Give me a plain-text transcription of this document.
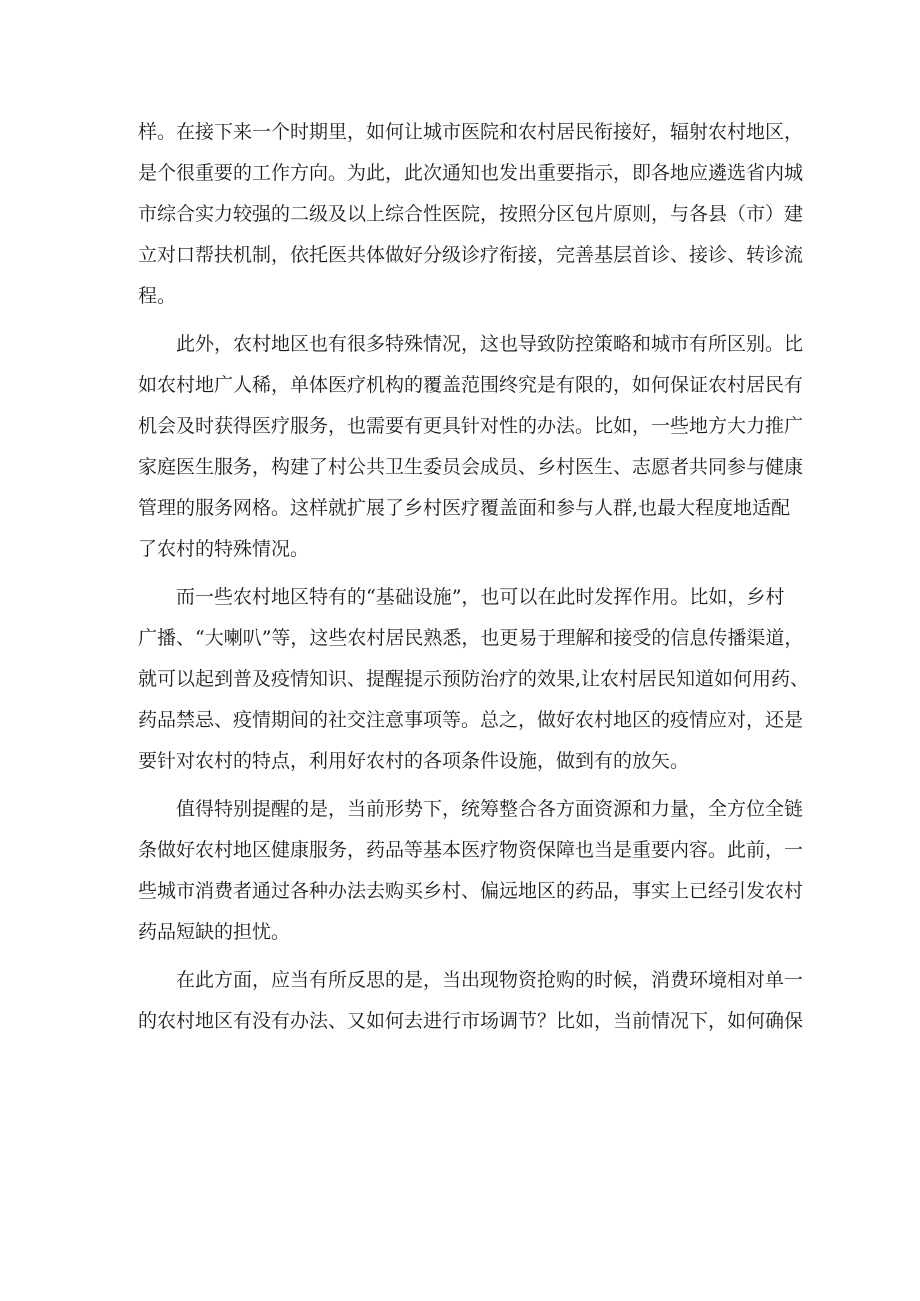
样。在接下来一个时期里，如何让城市医院和农村居民衔接好，辐射农村地区，

是个很重要的工作方向。为此，此次通知也发出重要指示，即各地应遴选省内城

市综合实力较强的二级及以上综合性医院，按照分区包片原则，与各县（市）建

立对口帮扶机制，依托医共体做好分级诊疗衔接，完善基层首诊、接诊、转诊流

程。

此外，农村地区也有很多特殊情况，这也导致防控策略和城市有所区别。比

如农村地广人稀，单体医疗机构的覆盖范围终究是有限的，如何保证农村居民有

机会及时获得医疗服务，也需要有更具针对性的办法。比如，一些地方大力推广

家庭医生服务，构建了村公共卫生委员会成员、乡村医生、志愿者共同参与健康

管理的服务网格。这样就扩展了乡村医疗覆盖面和参与人群,也最大程度地适配

了农村的特殊情况。

而一些农村地区特有的“基础设施”，也可以在此时发挥作用。比如，乡村

广播、“大喇叭”等，这些农村居民熟悉，也更易于理解和接受的信息传播渠道，

就可以起到普及疫情知识、提醒提示预防治疗的效果,让农村居民知道如何用药、

药品禁忌、疫情期间的社交注意事项等。总之，做好农村地区的疫情应对，还是

要针对农村的特点，利用好农村的各项条件设施，做到有的放矢。

值得特别提醒的是，当前形势下，统筹整合各方面资源和力量，全方位全链

条做好农村地区健康服务，药品等基本医疗物资保障也当是重要内容。此前，一

些城市消费者通过各种办法去购买乡村、偏远地区的药品，事实上已经引发农村

药品短缺的担忧。

在此方面，应当有所反思的是，当出现物资抢购的时候，消费环境相对单一

的农村地区有没有办法、又如何去进行市场调节？比如，当前情况下，如何确保
